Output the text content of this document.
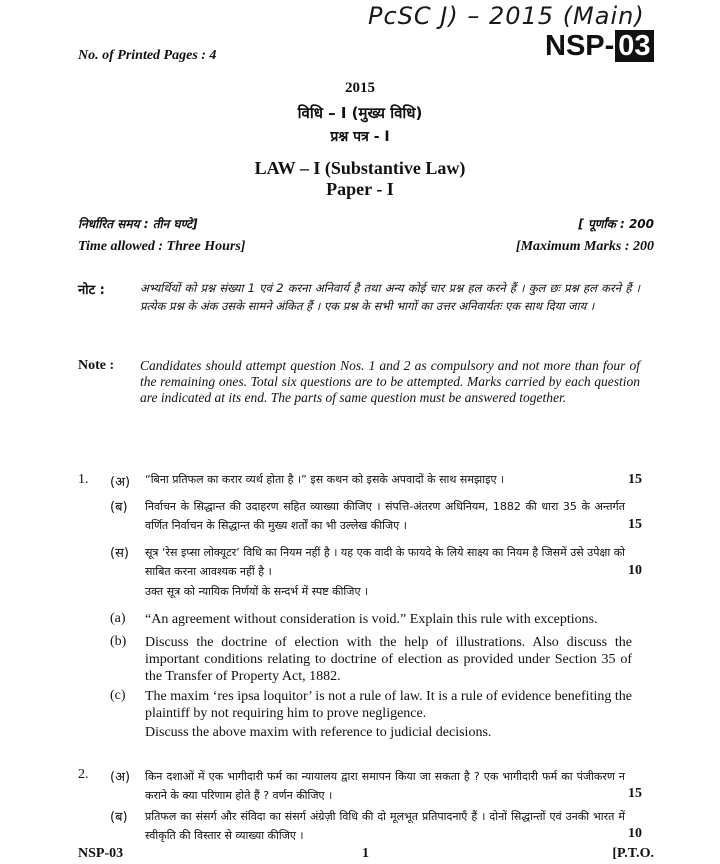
PcSC J) – 2015 (Main)
No. of Printed Pages : 4	NSP- 03
2015
विधि – I (मुख्य विधि)
प्रश्न पत्र - I
LAW – I (Substantive Law)
Paper - I
निर्धारित समय : तीन घण्टे]	[ पूर्णांक : 200
Time allowed : Three Hours]	[Maximum Marks : 200
नोट :	अभ्यर्थियों को प्रश्न संख्या 1 एवं 2 करना अनिवार्य है तथा अन्य कोई चार प्रश्न हल करने हैं । कुल छः प्रश्न हल करने हैं । प्रत्येक प्रश्न के अंक उसके सामने अंकित हैं । एक प्रश्न के सभी भागों का उत्तर अनिवार्यतः एक साथ दिया जाय ।
Note : Candidates should attempt question Nos. 1 and 2 as compulsory and not more than four of the remaining ones. Total six questions are to be attempted. Marks carried by each question are indicated at its end. The parts of same question must be answered together.
1. (अ) “बिना प्रतिफल का करार व्यर्थ होता है ।” इस कथन को इसके अपवादों के साथ समझाइए ।	15
(ब) निर्वाचन के सिद्धान्त की उदाहरण सहित व्याख्या कीजिए । संपत्ति-अंतरण अधिनियम, 1882 की धारा 35 के अन्तर्गत वर्णित निर्वाचन के सिद्धान्त की मुख्य शर्तों का भी उल्लेख कीजिए ।	15
(स) सूत्र ‘रेस इप्सा लोक्यूटर’ विधि का नियम नहीं है । यह एक वादी के फायदे के लिये साक्ष्य का नियम है जिसमें उसे उपेक्षा को साबित करना आवश्यक नहीं है ।	10
उक्त सूत्र को न्यायिक निर्णयों के सन्दर्भ में स्पष्ट कीजिए ।
(a) “An agreement without consideration is void.” Explain this rule with exceptions.
(b) Discuss the doctrine of election with the help of illustrations. Also discuss the important conditions relating to doctrine of election as provided under Section 35 of the Transfer of Property Act, 1882.
(c) The maxim ‘res ipsa loquitor’ is not a rule of law. It is a rule of evidence benefiting the plaintiff by not requiring him to prove negligence.
Discuss the above maxim with reference to judicial decisions.
2. (अ) किन दशाओं में एक भागीदारी फर्म का न्यायालय द्वारा समापन किया जा सकता है ? एक भागीदारी फर्म का पंजीकरण न कराने के क्या परिणाम होते हैं ? वर्णन कीजिए ।	15
(ब) प्रतिफल का संसर्ग और संविदा का संसर्ग अंग्रेज़ी विधि की दो मूलभूत प्रतिपादनाएँ हैं । दोनों सिद्धान्तों एवं उनकी भारत में स्वीकृति की विस्तार से व्याख्या कीजिए ।	10
NSP-03	1	[P.T.O.
